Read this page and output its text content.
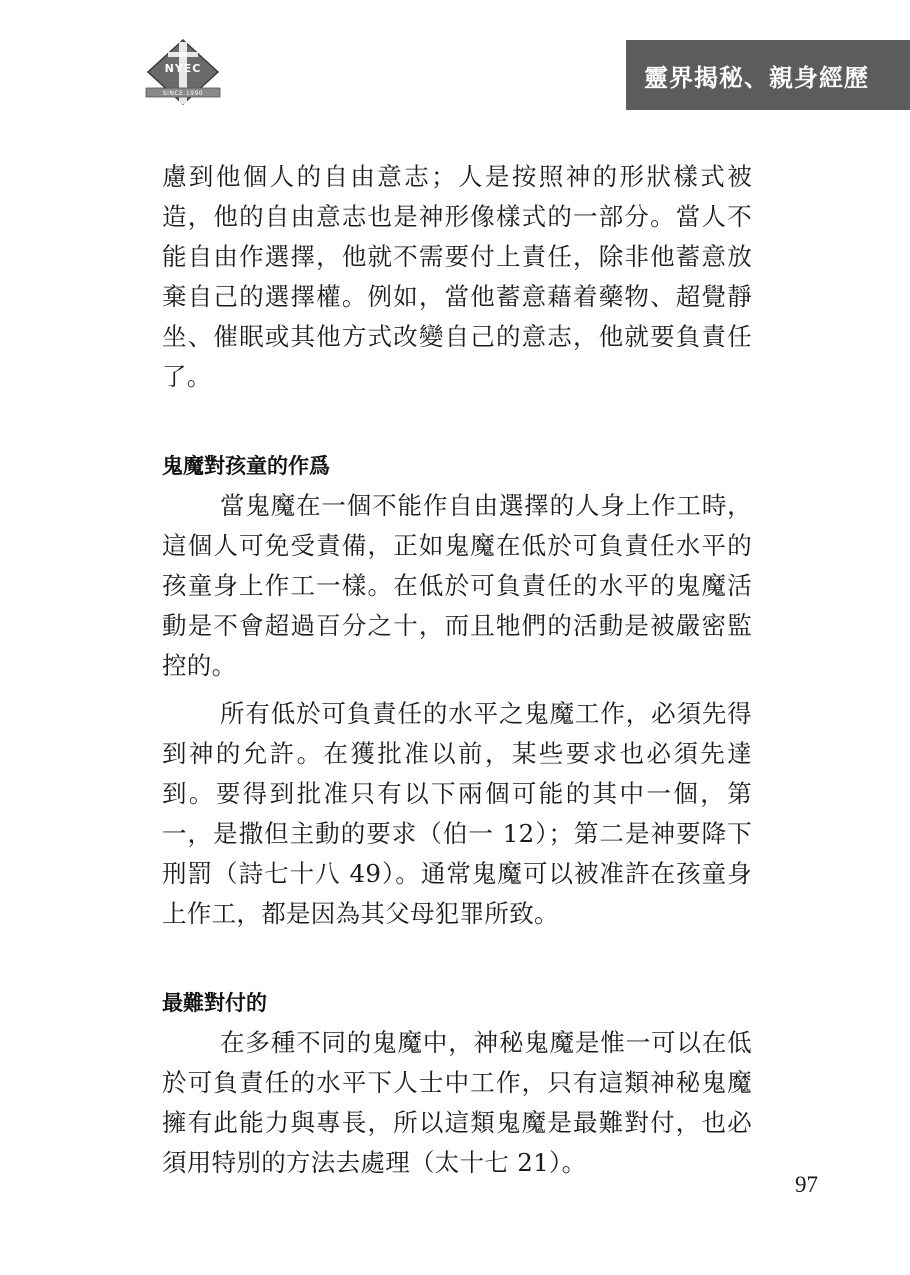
NYEC
SINCE 1990
靈界揭秘、親身經歷

慮到他個人的自由意志；人是按照神的形狀樣式被造，他的自由意志也是神形像樣式的一部分。當人不能自由作選擇，他就不需要付上責任，除非他蓄意放棄自己的選擇權。例如，當他蓄意藉着藥物、超覺靜坐、催眠或其他方式改變自己的意志，他就要負責任了。

鬼魔對孩童的作爲

當鬼魔在一個不能作自由選擇的人身上作工時，這個人可免受責備，正如鬼魔在低於可負責任水平的孩童身上作工一樣。在低於可負責任的水平的鬼魔活動是不會超過百分之十，而且牠們的活動是被嚴密監控的。

所有低於可負責任的水平之鬼魔工作，必須先得到神的允許。在獲批准以前，某些要求也必須先達到。要得到批准只有以下兩個可能的其中一個，第一，是撒但主動的要求（伯一 12）；第二是神要降下刑罰（詩七十八 49）。通常鬼魔可以被准許在孩童身上作工，都是因為其父母犯罪所致。

最難對付的

在多種不同的鬼魔中，神秘鬼魔是惟一可以在低於可負責任的水平下人士中工作，只有這類神秘鬼魔擁有此能力與專長，所以這類鬼魔是最難對付，也必須用特別的方法去處理（太十七 21）。

97
